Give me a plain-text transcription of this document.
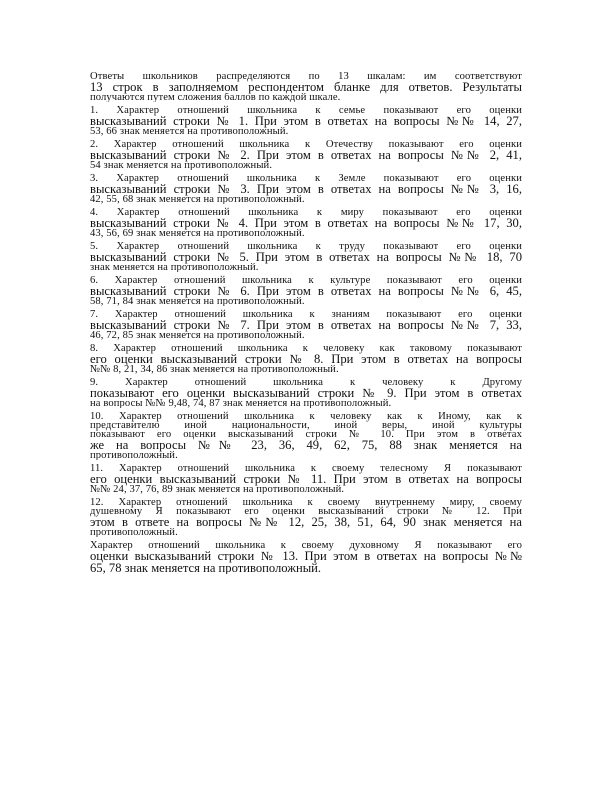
Ответы школьников распределяются по 13 шкалам: им соответствуют
13 строк в заполняемом респондентом бланке для ответов. Результаты
получаются путем сложения баллов по каждой шкале.
1. Характер отношений школьника к семье показывают его оценки
высказываний строки № 1. При этом в ответах на вопросы №№ 14, 27,
53, 66 знак меняется на противоположный.
2. Характер отношений школьника к Отечеству показывают его оценки
высказываний строки № 2. При этом в ответах на вопросы №№ 2, 41,
54 знак меняется на противоположный.
3. Характер отношений школьника к Земле показывают его оценки
высказываний строки № 3. При этом в ответах на вопросы №№ 3, 16,
42, 55, 68 знак меняется на противоположный.
4. Характер отношений школьника к миру показывают его оценки
высказываний строки № 4. При этом в ответах на вопросы №№ 17, 30,
43, 56, 69 знак меняется на противоположный.
5. Характер отношений школьника к труду показывают его оценки
высказываний строки № 5. При этом в ответах на вопросы №№ 18, 70
знак меняется на противоположный.
6. Характер отношений школьника к культуре показывают его оценки
высказываний строки № 6. При этом в ответах на вопросы №№ 6, 45,
58, 71, 84 знак меняется на противоположный.
7. Характер отношений школьника к знаниям показывают его оценки
высказываний строки № 7. При этом в ответах на вопросы №№ 7, 33,
46, 72, 85 знак меняется на противоположный.
8. Характер отношений школьника к человеку как таковому показывают
его оценки высказываний строки № 8. При этом в ответах на вопросы
№№ 8, 21, 34, 86 знак меняется на противоположный.
9. Характер отношений школьника к человеку к Другому
показывают его оценки высказываний строки № 9. При этом в ответах
на вопросы №№ 9,48, 74, 87 знак меняется на противоположный.
10. Характер отношений школьника к человеку как к Иному, как к
представителю иной национальности, иной веры, иной культуры
показывают его оценки высказываний строки № 10. При этом в ответах
же на вопросы №№ 23, 36, 49, 62, 75, 88 знак меняется на
противоположный.
11. Характер отношений школьника к своему телесному Я показывают
его оценки высказываний строки № 11. При этом в ответах на вопросы
№№ 24, 37, 76, 89 знак меняется на противоположный.
12. Характер отношений школьника к своему внутреннему миру, своему
душевному Я показывают его оценки высказываний строки № 12. При
этом в ответе на вопросы №№ 12, 25, 38, 51, 64, 90 знак меняется на
противоположный.
Характер отношений школьника к своему духовному Я показывают его
оценки высказываний строки № 13. При этом в ответах на вопросы №№
65, 78 знак меняется на противоположный.
